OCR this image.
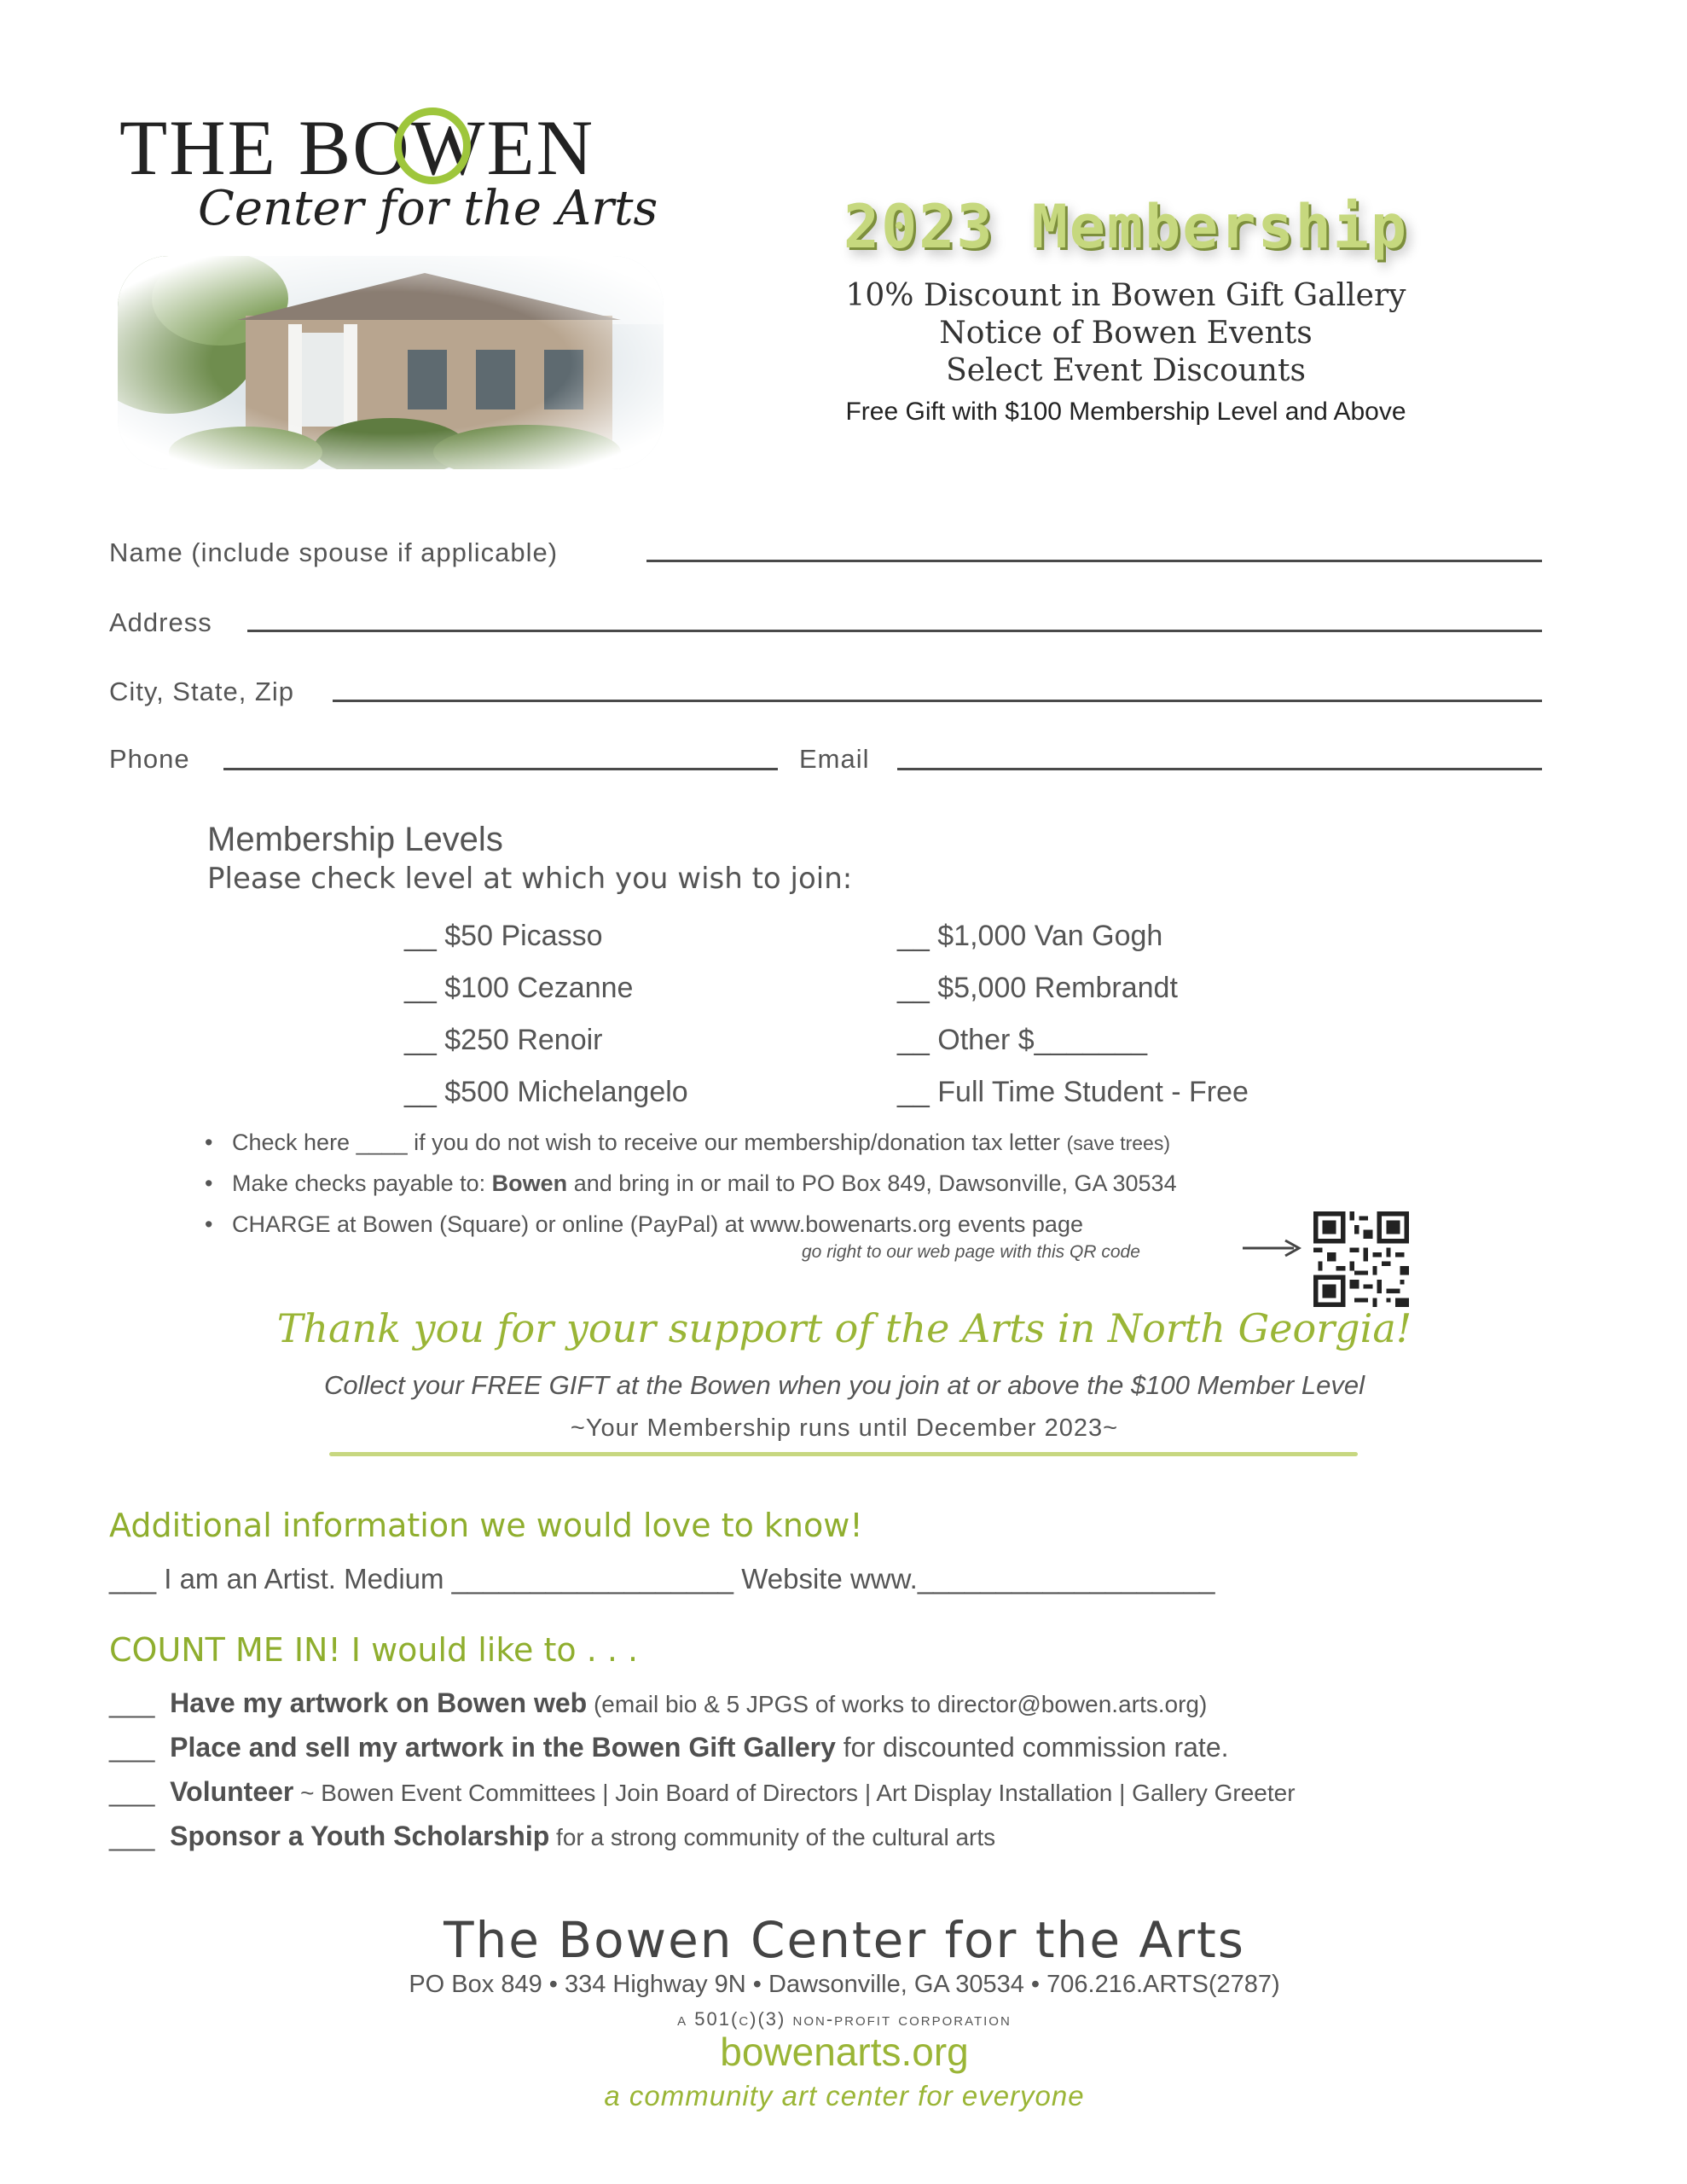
THE BOWEN
Center for the Arts	2023 Membership
10% Discount in Bowen Gift Gallery
Notice of Bowen Events
Select Event Discounts
Free Gift with $100 Membership Level and Above
Name (include spouse if applicable)
Address
City, State, Zip
Phone	Email
Membership Levels
Please check level at which you wish to join:
__ $50 Picasso
__ $100 Cezanne
__ $250 Renoir
__ $500 Michelangelo
__ $1,000 Van Gogh
__ $5,000 Rembrandt
__ Other $_______
__ Full Time Student - Free
• Check here ____ if you do not wish to receive our membership/donation tax letter (save trees)
• Make checks payable to: Bowen and bring in or mail to PO Box 849, Dawsonville, GA 30534
• CHARGE at Bowen (Square) or online (PayPal) at www.bowenarts.org events page
go right to our web page with this QR code
Thank you for your support of the Arts in North Georgia!
Collect your FREE GIFT at the Bowen when you join at or above the $100 Member Level
~Your Membership runs until December 2023~
Additional information we would love to know!
___ I am an Artist. Medium __________________ Website www.___________________
COUNT ME IN! I would like to . . .
___ Have my artwork on Bowen web (email bio & 5 JPGS of works to director@bowen.arts.org)
___ Place and sell my artwork in the Bowen Gift Gallery for discounted commission rate.
___ Volunteer ~ Bowen Event Committees | Join Board of Directors | Art Display Installation | Gallery Greeter
___ Sponsor a Youth Scholarship for a strong community of the cultural arts
The Bowen Center for the Arts
PO Box 849 • 334 Highway 9N • Dawsonville, GA 30534 • 706.216.ARTS(2787)
a 501(c)(3) non-profit corporation
bowenarts.org
a community art center for everyone
